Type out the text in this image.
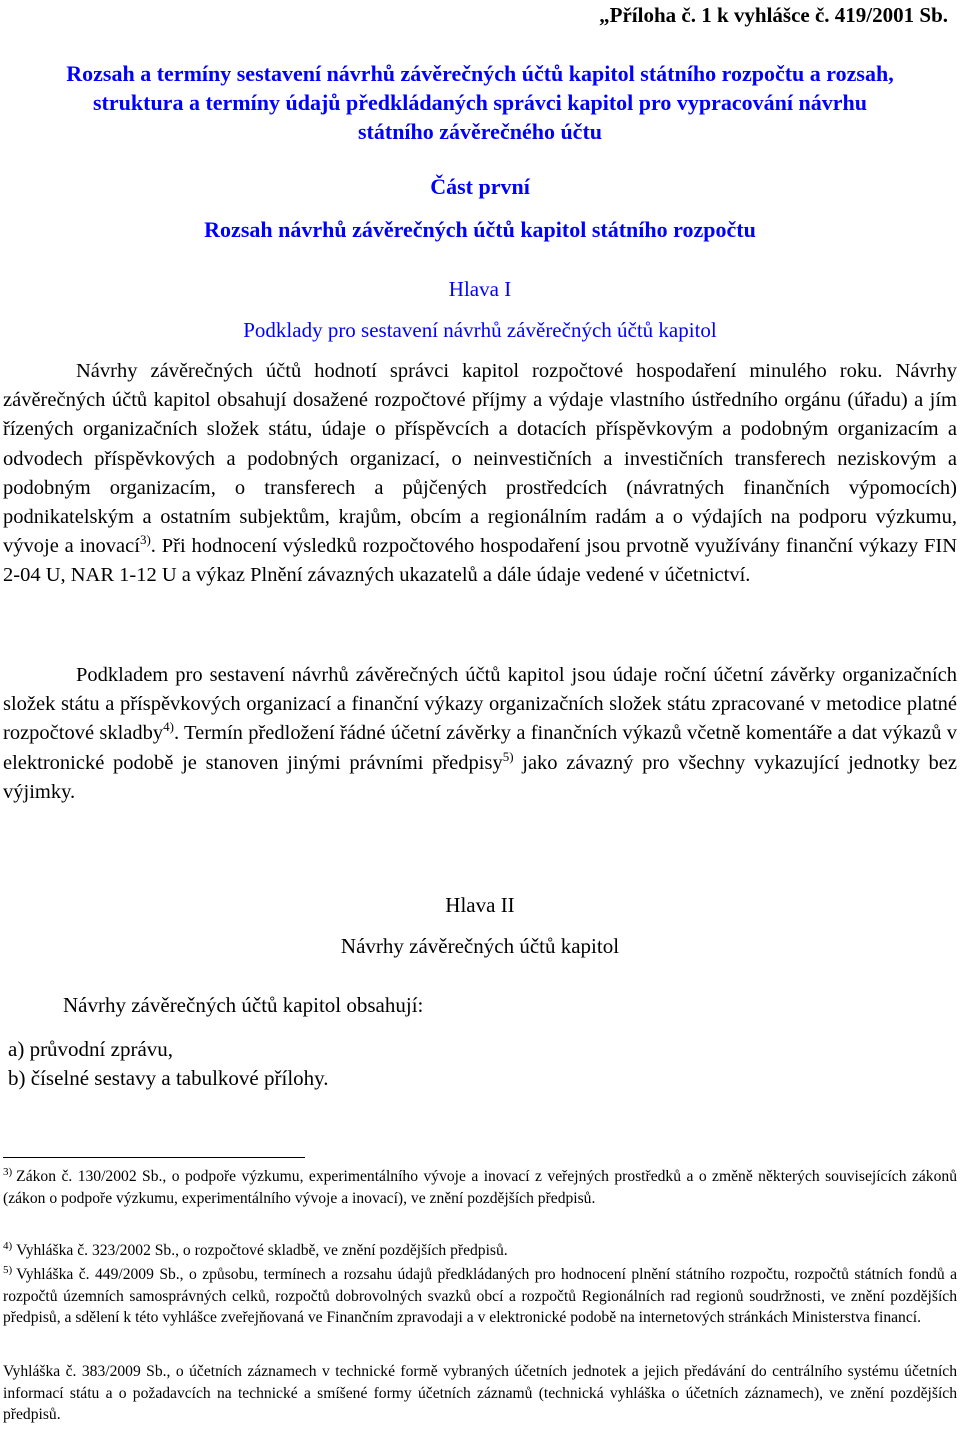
„Příloha č. 1 k vyhlášce č. 419/2001 Sb.
Rozsah a termíny sestavení návrhů závěrečných účtů kapitol státního rozpočtu a rozsah,
struktura a termíny údajů předkládaných správci kapitol pro vypracování návrhu
státního závěrečného účtu
Část první
Rozsah návrhů závěrečných účtů kapitol státního rozpočtu
Hlava I
Podklady pro sestavení návrhů závěrečných účtů kapitol

Návrhy závěrečných účtů hodnotí správci kapitol rozpočtové hospodaření minulého roku. Návrhy závěrečných účtů kapitol obsahují dosažené rozpočtové příjmy a výdaje vlastního ústředního orgánu (úřadu) a jím řízených organizačních složek státu, údaje o příspěvcích a dotacích příspěvkovým a podobným organizacím a odvodech příspěvkových a podobných organizací, o neinvestičních a investičních transferech neziskovým a podobným organizacím, o transferech a půjčených prostředcích (návratných finančních výpomocích) podnikatelským a ostatním subjektům, krajům, obcím a regionálním radám a o výdajích na podporu výzkumu, vývoje a inovací$^{3)}$. Při hodnocení výsledků rozpočtového hospodaření jsou prvotně využívány finanční výkazy FIN 2-04 U, NAR 1-12 U a výkaz Plnění závazných ukazatelů a dále údaje vedené v účetnictví.

Podkladem pro sestavení návrhů závěrečných účtů kapitol jsou údaje roční účetní závěrky organizačních složek státu a příspěvkových organizací a finanční výkazy organizačních složek státu zpracované v metodice platné rozpočtové skladby$^{4)}$. Termín předložení řádné účetní závěrky a finančních výkazů včetně komentáře a dat výkazů v elektronické podobě je stanoven jinými právními předpisy$^{5)}$ jako závazný pro všechny vykazující jednotky bez výjimky.

Hlava II
Návrhy závěrečných účtů kapitol
Návrhy závěrečných účtů kapitol obsahují:
a) průvodní zprávu,
b) číselné sestavy a tabulkové přílohy.

$^{3)}$ Zákon č. 130/2002 Sb., o podpoře výzkumu, experimentálního vývoje a inovací z veřejných prostředků a o změně některých souvisejících zákonů (zákon o podpoře výzkumu, experimentálního vývoje a inovací), ve znění pozdějších předpisů.

$^{4)}$ Vyhláška č. 323/2002 Sb., o rozpočtové skladbě, ve znění pozdějších předpisů.

$^{5)}$ Vyhláška č. 449/2009 Sb., o způsobu, termínech a rozsahu údajů předkládaných pro hodnocení plnění státního rozpočtu, rozpočtů státních fondů a rozpočtů územních samosprávných celků, rozpočtů dobrovolných svazků obcí a rozpočtů Regionálních rad regionů soudržnosti, ve znění pozdějších předpisů, a sdělení k této vyhlášce zveřejňovaná ve Finančním zpravodaji a v elektronické podobě na internetových stránkách Ministerstva financí.

Vyhláška č. 383/2009 Sb., o účetních záznamech v technické formě vybraných účetních jednotek a jejich předávání do centrálního systému účetních informací státu a o požadavcích na technické a smíšené formy účetních záznamů (technická vyhláška o účetních záznamech), ve znění pozdějších předpisů.
